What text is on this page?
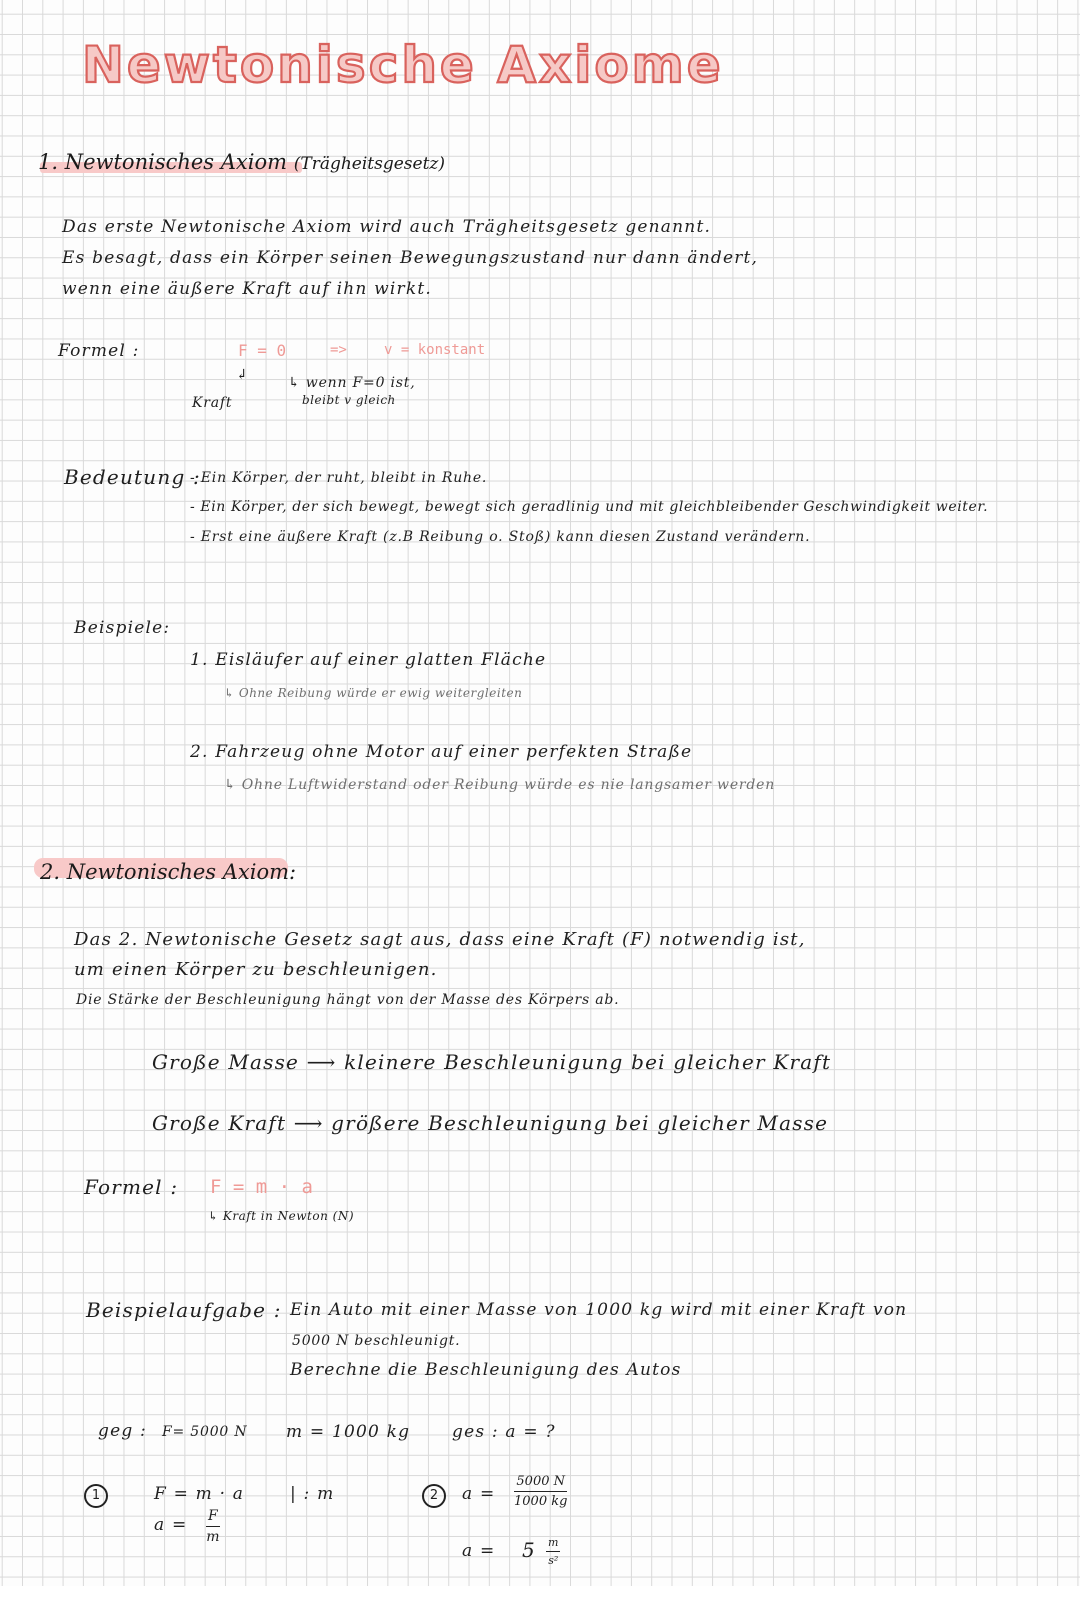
Newtonische Axiome
1. Newtonisches Axiom (Trägheitsgesetz)
Das erste Newtonische Axiom wird auch Trägheitsgesetz genannt.
Es besagt, dass ein Körper seinen Bewegungszustand nur dann ändert,
wenn eine äußere Kraft auf ihn wirkt.
Formel :	F = 0	=>	v = konstant
↲
Kraft
↳ wenn F=0 ist,
bleibt v gleich
Bedeutung :
- Ein Körper, der ruht, bleibt in Ruhe.
- Ein Körper, der sich bewegt, bewegt sich geradlinig und mit gleichbleibender Geschwindigkeit weiter.
- Erst eine äußere Kraft (z.B Reibung o. Stoß) kann diesen Zustand verändern.
Beispiele:
1. Eisläufer auf einer glatten Fläche
↳ Ohne Reibung würde er ewig weitergleiten
2. Fahrzeug ohne Motor auf einer perfekten Straße
↳ Ohne Luftwiderstand oder Reibung würde es nie langsamer werden
2. Newtonisches Axiom:
Das 2. Newtonische Gesetz sagt aus, dass eine Kraft (F) notwendig ist,
um einen Körper zu beschleunigen.
Die Stärke der Beschleunigung hängt von der Masse des Körpers ab.
Große Masse ⟶ kleinere Beschleunigung bei gleicher Kraft
Große Kraft ⟶ größere Beschleunigung bei gleicher Masse
Formel : F = m · a
↳ Kraft in Newton (N)
Beispielaufgabe : Ein Auto mit einer Masse von 1000 kg wird mit einer Kraft von
5000 N beschleunigt.
Berechne die Beschleunigung des Autos
geg : F= 5000 N m = 1000 kg ges : a = ?
1	F = m · a	| : m
$a = \frac{F}{m}$
2	$a = \frac{5000 N}{1000 kg}$
$a = 5 \frac{m}{\text{s²}}$
